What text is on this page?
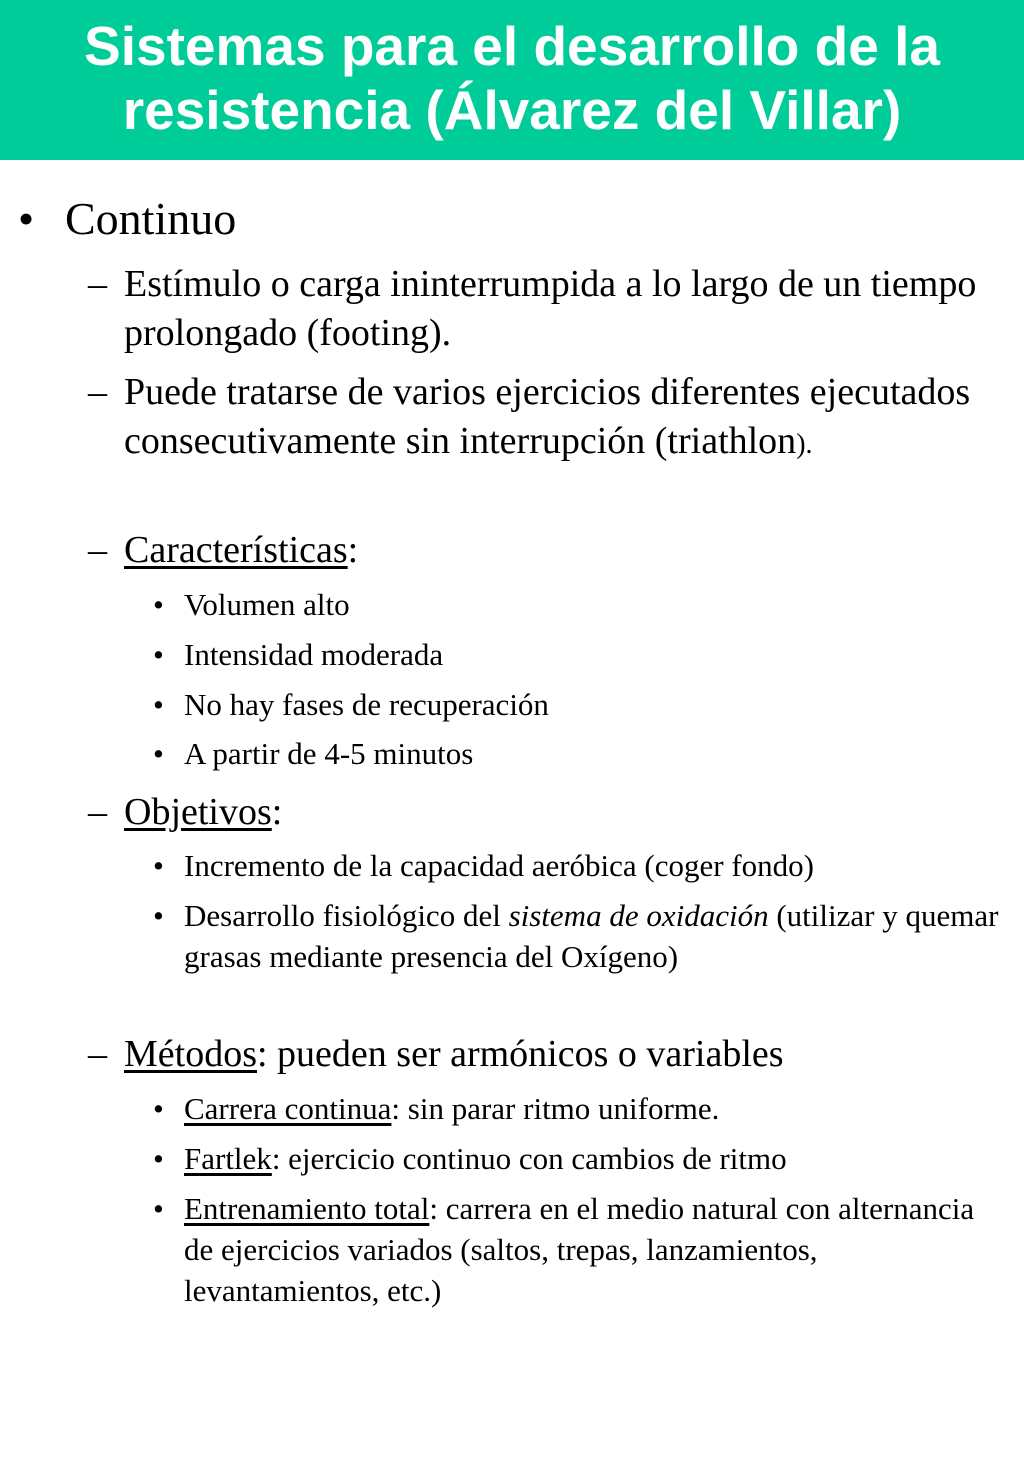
Sistemas para el desarrollo de la
resistencia (Álvarez del Villar)
• Continuo
– Estímulo o carga ininterrumpida a lo largo de un tiempo prolongado (footing).
– Puede tratarse de varios ejercicios diferentes ejecutados consecutivamente sin interrupción (triathlon).
– Características:
• Volumen alto
• Intensidad moderada
• No hay fases de recuperación
• A partir de 4-5 minutos
– Objetivos:
• Incremento de la capacidad aeróbica (coger fondo)
• Desarrollo fisiológico del sistema de oxidación (utilizar y quemar grasas mediante presencia del Oxígeno)
– Métodos: pueden ser armónicos o variables
• Carrera continua: sin parar ritmo uniforme.
• Fartlek: ejercicio continuo con cambios de ritmo
• Entrenamiento total: carrera en el medio natural con alternancia de ejercicios variados (saltos, trepas, lanzamientos, levantamientos, etc.)
